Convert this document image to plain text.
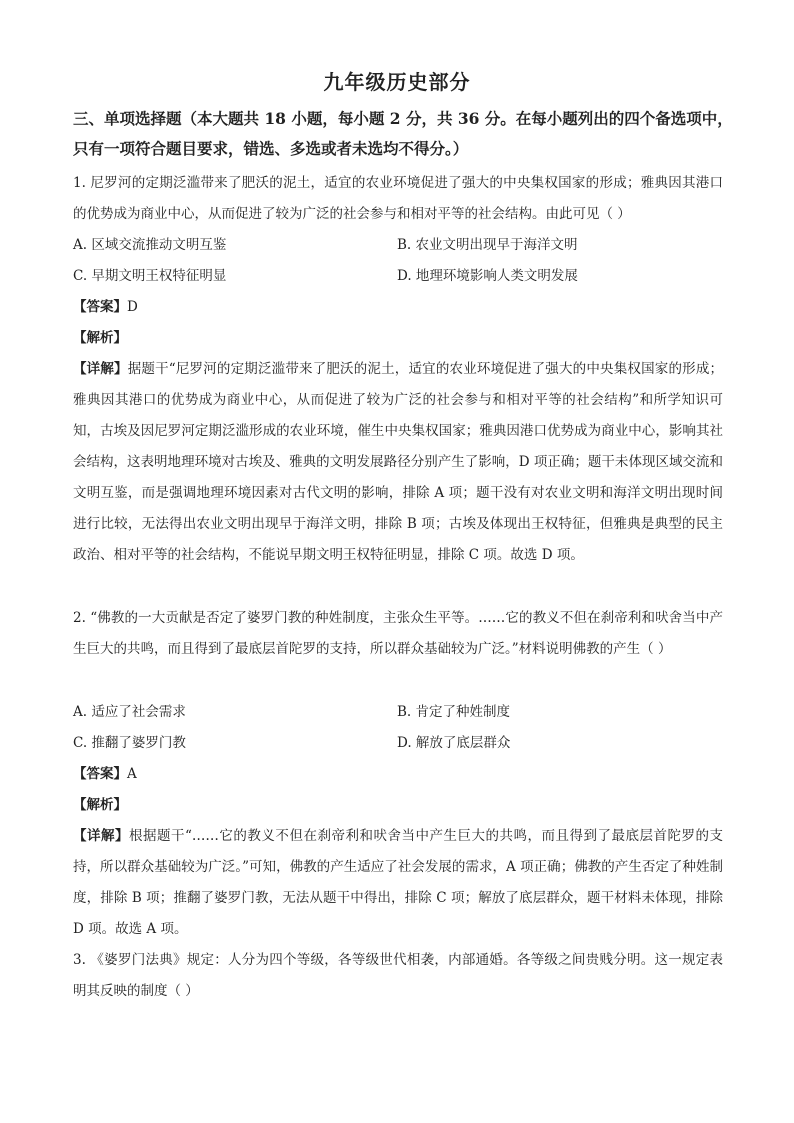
九年级历史部分
三、单项选择题（本大题共 18 小题，每小题 2 分，共 36 分。在每小题列出的四个备选项中，只有一项符合题目要求，错选、多选或者未选均不得分。）
1. 尼罗河的定期泛滥带来了肥沃的泥土，适宜的农业环境促进了强大的中央集权国家的形成；雅典因其港口的优势成为商业中心，从而促进了较为广泛的社会参与和相对平等的社会结构。由此可见（ ）
A. 区域交流推动文明互鉴	B. 农业文明出现早于海洋文明
C. 早期文明王权特征明显	D. 地理环境影响人类文明发展
【答案】D
【解析】
【详解】据题干“尼罗河的定期泛滥带来了肥沃的泥土，适宜的农业环境促进了强大的中央集权国家的形成；雅典因其港口的优势成为商业中心，从而促进了较为广泛的社会参与和相对平等的社会结构”和所学知识可知，古埃及因尼罗河定期泛滥形成的农业环境，催生中央集权国家；雅典因港口优势成为商业中心，影响其社会结构，这表明地理环境对古埃及、雅典的文明发展路径分别产生了影响，D 项正确；题干未体现区域交流和文明互鉴，而是强调地理环境因素对古代文明的影响，排除 A 项；题干没有对农业文明和海洋文明出现时间进行比较，无法得出农业文明出现早于海洋文明，排除 B 项；古埃及体现出王权特征，但雅典是典型的民主政治、相对平等的社会结构，不能说早期文明王权特征明显，排除 C 项。故选 D 项。
2. “佛教的一大贡献是否定了婆罗门教的种姓制度，主张众生平等。……它的教义不但在刹帝利和吠舍当中产生巨大的共鸣，而且得到了最底层首陀罗的支持，所以群众基础较为广泛。”材料说明佛教的产生（ ）
A. 适应了社会需求	B. 肯定了种姓制度
C. 推翻了婆罗门教	D. 解放了底层群众
【答案】A
【解析】
【详解】根据题干“……它的教义不但在刹帝利和吠舍当中产生巨大的共鸣，而且得到了最底层首陀罗的支持，所以群众基础较为广泛。”可知，佛教的产生适应了社会发展的需求，A 项正确；佛教的产生否定了种姓制度，排除 B 项；推翻了婆罗门教，无法从题干中得出，排除 C 项；解放了底层群众，题干材料未体现，排除 D 项。故选 A 项。
3. 《婆罗门法典》规定：人分为四个等级，各等级世代相袭，内部通婚。各等级之间贵贱分明。这一规定表明其反映的制度（ ）
